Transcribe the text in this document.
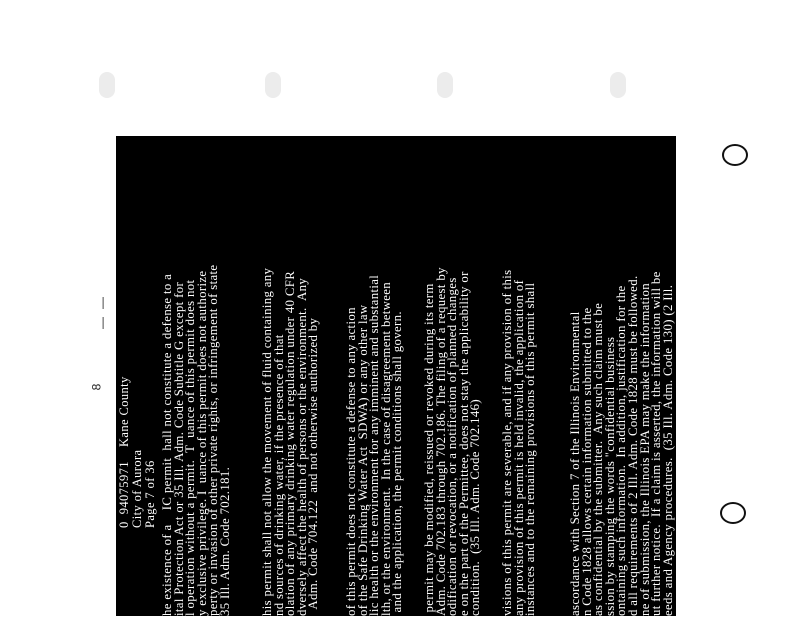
8
—
—
0  94075971    Kane County City of Aurora Page 7 of 36 he existence of a    IC permit  hall not constitute a defense to a
ital Protection Act or 35 Ill. Adm. Code Subtitle G except for
l operation without a permit.  T  uance of this permit does not
y exclusive privilege. I  uance of this permit does not authorize
perty or invasion of other private rights, or infringement of state
35 Ill. Adm. Code 702.181. his permit shall not allow the movement of fluid containing any
nd sources of drinking water, if the presence of that
olation of any primary drinking water regulation under 40 CFR
dversely affect the health of persons or the environment.  Any
Adm. Code 704.122  and not otherwise authorized by of this permit does not constitute a defense to any action
of the Safe Drinking Water Act  SDWA) or any other law
lic health or the environment for any imminent and substantial
lth, or the environment.  In the case of disagreement between
and the application, the permit conditions shall govern. permit may be modified, reissued or revoked during its term
Adm. Code 702.183 through 702.186. The filing of a request by
odification or revocation, or a notification of planned changes
e on the part of the Permittee, does not stay the applicability or
condition.  (35 Ill. Adm. Code 702.146) visions of this permit are severable, and if any provision of this
any provision of this permit is held invalid, the application of
instances and to the remaining provisions of this permit shall ascordance with Section 7 of the Illinois Environmental
n Code 1828 allows certain information submitted to the
as confidential by the submitter.  Any such claim must be
ssion by stamping the words "confidential business
ontaining such information.  In addition, justification for the
d all requirements of 2 Ill. Adm. Code 1828 must be followed.
ne of submission, the Illinois EPA may make the information
ut further notice.  If a claim is asserted, the information will be
eeds and Agency procedures.  (35 Ill. Adm. Code 130) (2 Ill.
